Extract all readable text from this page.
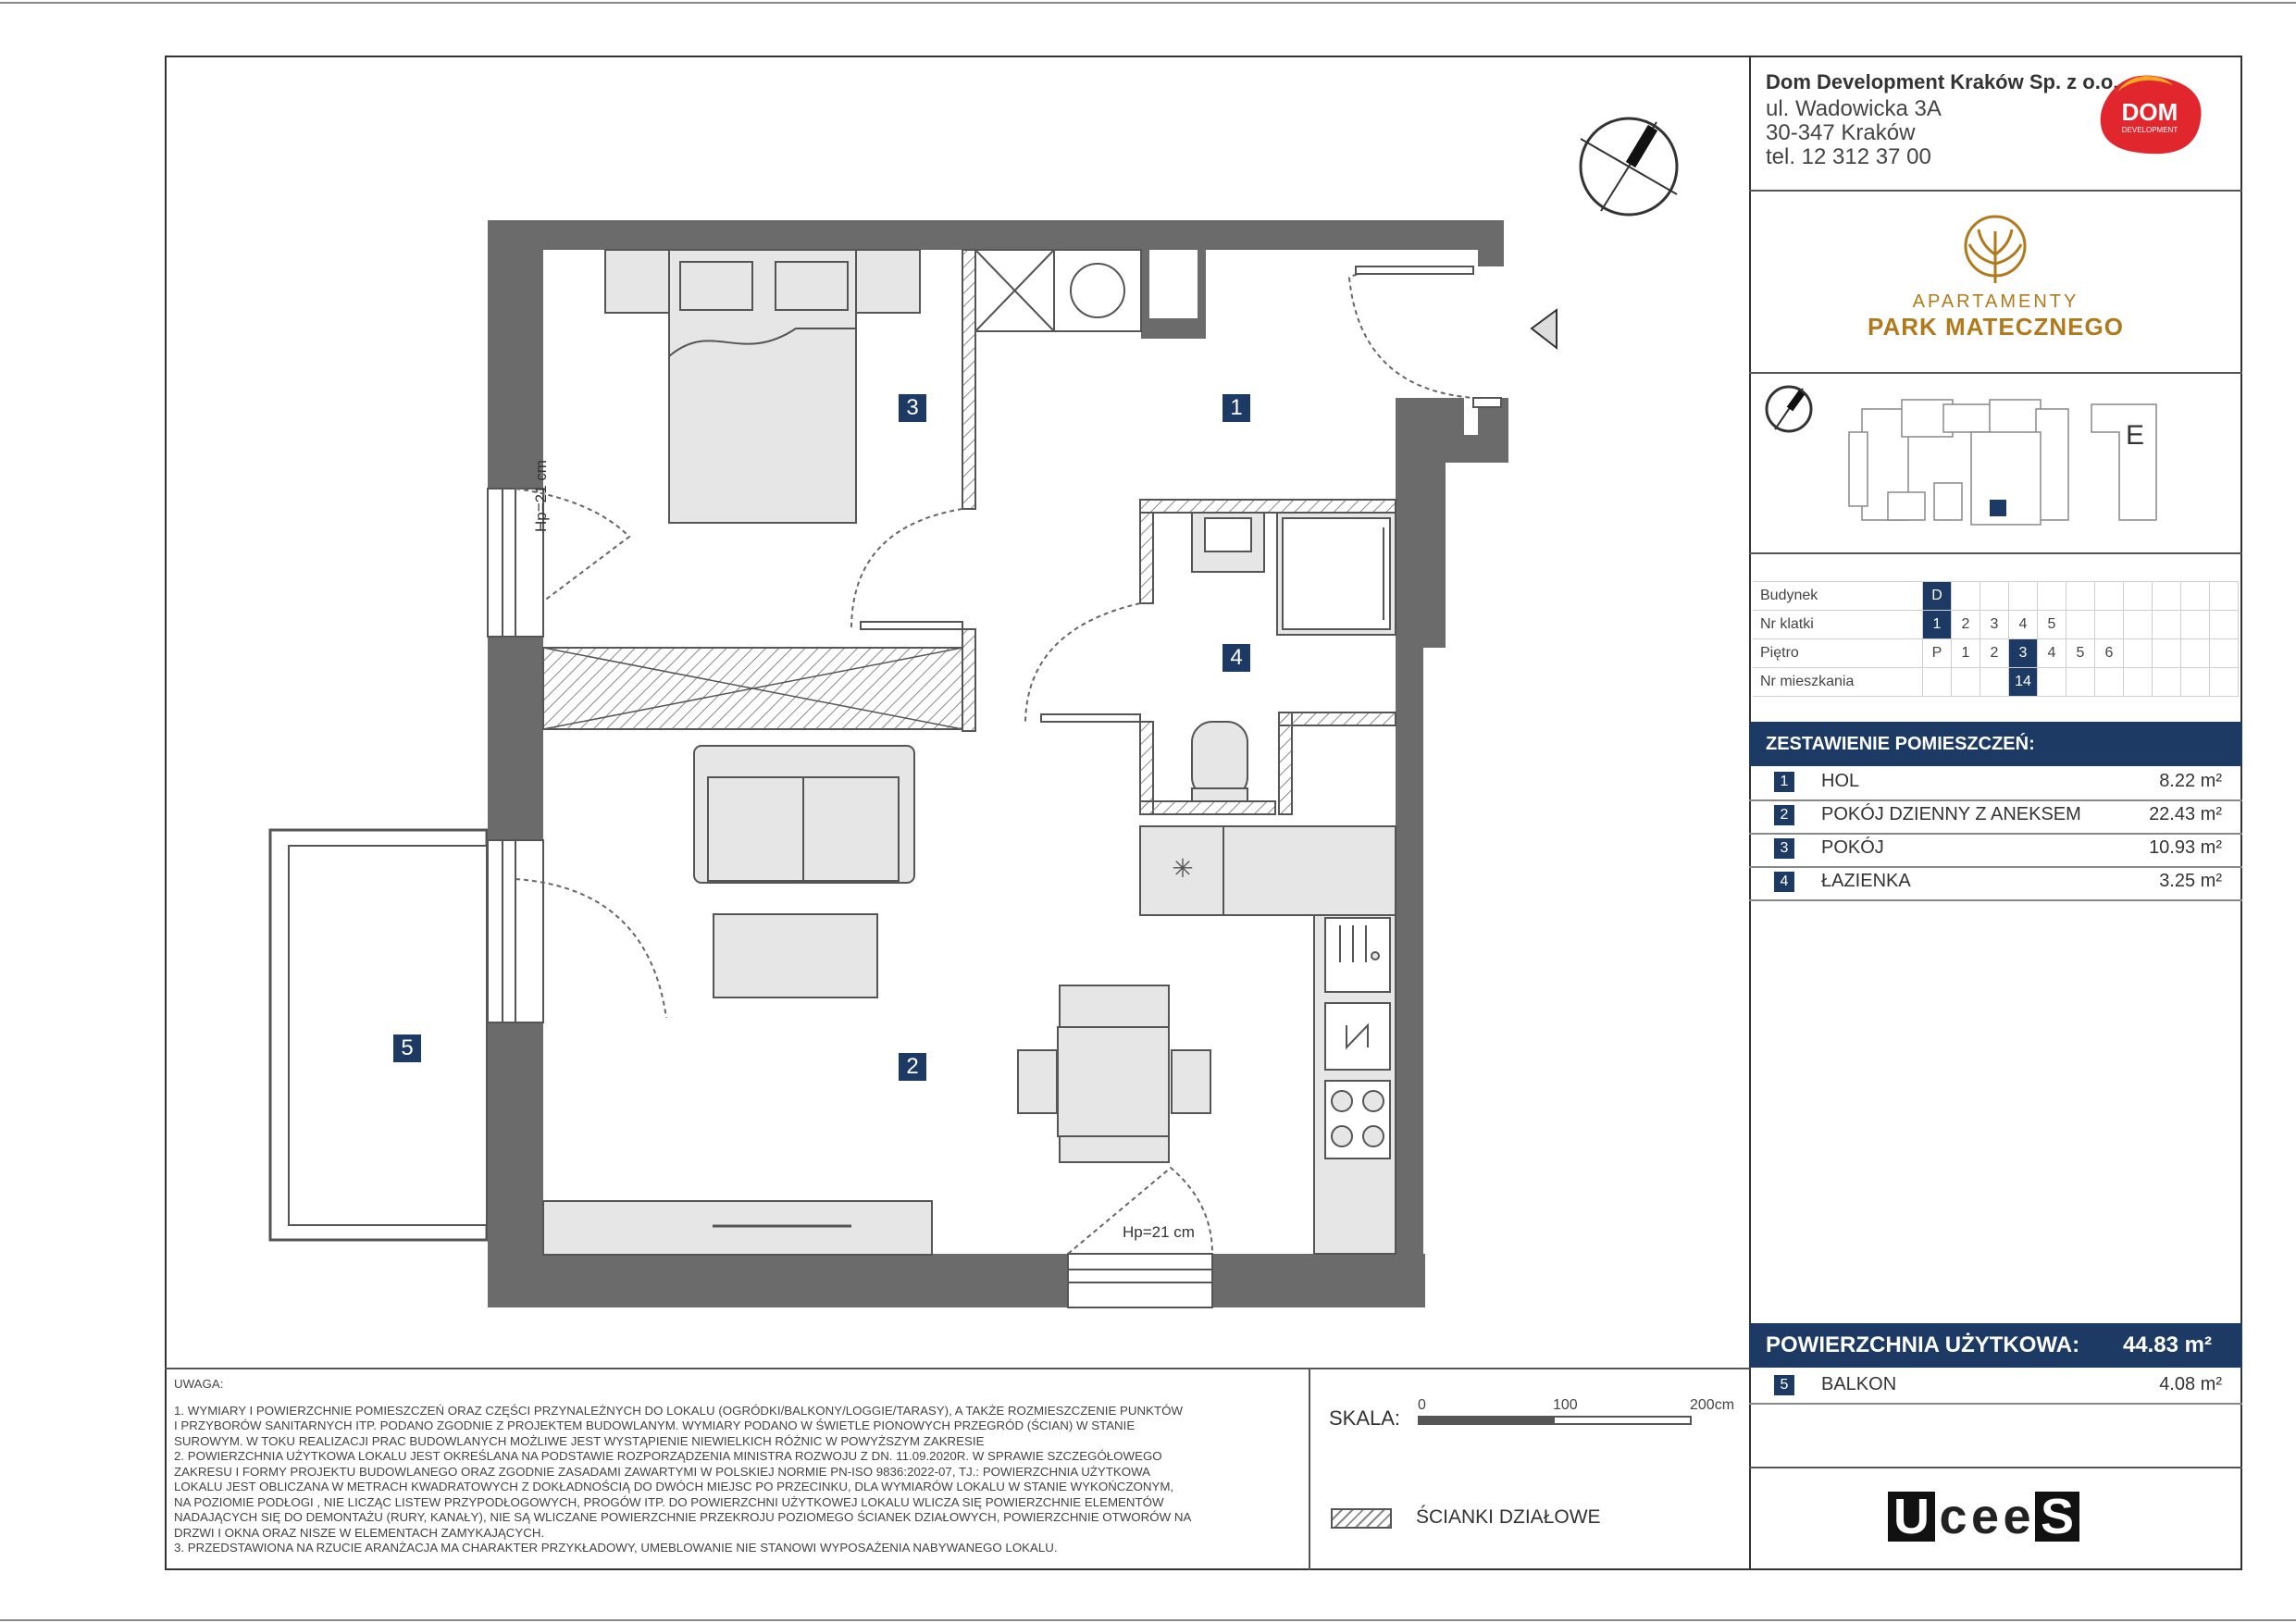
✳
3	1
4
2
5
Hp=21 cm
Hp=21 cm
Dom Development Kraków Sp. z o.o.
ul. Wadowicka 3A
30-347 Kraków
tel. 12 312 37 00
DOM
DEVELOPMENT
APARTAMENTY
PARK MATECZNEGO
E
Budynek	D										
Nr klatki	1	2	3	4	5						
Piętro	P	1	2	3	4	5	6				
Nr mieszkania				14							
ZESTAWIENIE POMIESZCZEŃ:
1	HOL	8.22 m²
2	POKÓJ DZIENNY Z ANEKSEM	22.43 m²
3	POKÓJ	10.93 m²
4	ŁAZIENKA	3.25 m²
POWIERZCHNIA UŻYTKOWA: 44.83 m²
5	BALKON	4.08 m²
U c e e S
UWAGA:
1. WYMIARY I POWIERZCHNIE POMIESZCZEŃ ORAZ CZĘŚCI PRZYNALEŻNYCH DO LOKALU (OGRÓDKI/BALKONY/LOGGIE/TARASY), A TAKŻE ROZMIESZCZENIE PUNKTÓW
I PRZYBORÓW SANITARNYCH ITP. PODANO ZGODNIE Z PROJEKTEM BUDOWLANYM. WYMIARY PODANO W ŚWIETLE PIONOWYCH PRZEGRÓD (ŚCIAN) W STANIE
SUROWYM. W TOKU REALIZACJI PRAC BUDOWLANYCH MOŻLIWE JEST WYSTĄPIENIE NIEWIELKICH RÓŻNIC W POWYŻSZYM ZAKRESIE
2. POWIERZCHNIA UŻYTKOWA LOKALU JEST OKREŚLANA NA PODSTAWIE ROZPORZĄDZENIA MINISTRA ROZWOJU Z DN. 11.09.2020R. W SPRAWIE SZCZEGÓŁOWEGO
ZAKRESU I FORMY PROJEKTU BUDOWLANEGO ORAZ ZGODNIE ZASADAMI ZAWARTYMI W POLSKIEJ NORMIE PN-ISO 9836:2022-07, TJ.: POWIERZCHNIA UŻYTKOWA
LOKALU JEST OBLICZANA W METRACH KWADRATOWYCH Z DOKŁADNOŚCIĄ DO DWÓCH MIEJSC PO PRZECINKU, DLA WYMIARÓW LOKALU W STANIE WYKOŃCZONYM,
NA POZIOMIE PODŁOGI , NIE LICZĄC LISTEW PRZYPODŁOGOWYCH, PROGÓW ITP. DO POWIERZCHNI UŻYTKOWEJ LOKALU WLICZA SIĘ POWIERZCHNIE ELEMENTÓW
NADAJĄCYCH SIĘ DO DEMONTAŻU (RURY, KANAŁY), NIE SĄ WLICZANE POWIERZCHNIE PRZEKROJU POZIOMEGO ŚCIANEK DZIAŁOWYCH, POWIERZCHNIE OTWORÓW NA
DRZWI I OKNA ORAZ NISZE W ELEMENTACH ZAMYKAJĄCYCH.
3. PRZEDSTAWIONA NA RZUCIE ARANŻACJA MA CHARAKTER PRZYKŁADOWY, UMEBLOWANIE NIE STANOWI WYPOSAŻENIA NABYWANEGO LOKALU.
SKALA:
0	100	200cm
ŚCIANKI DZIAŁOWE
